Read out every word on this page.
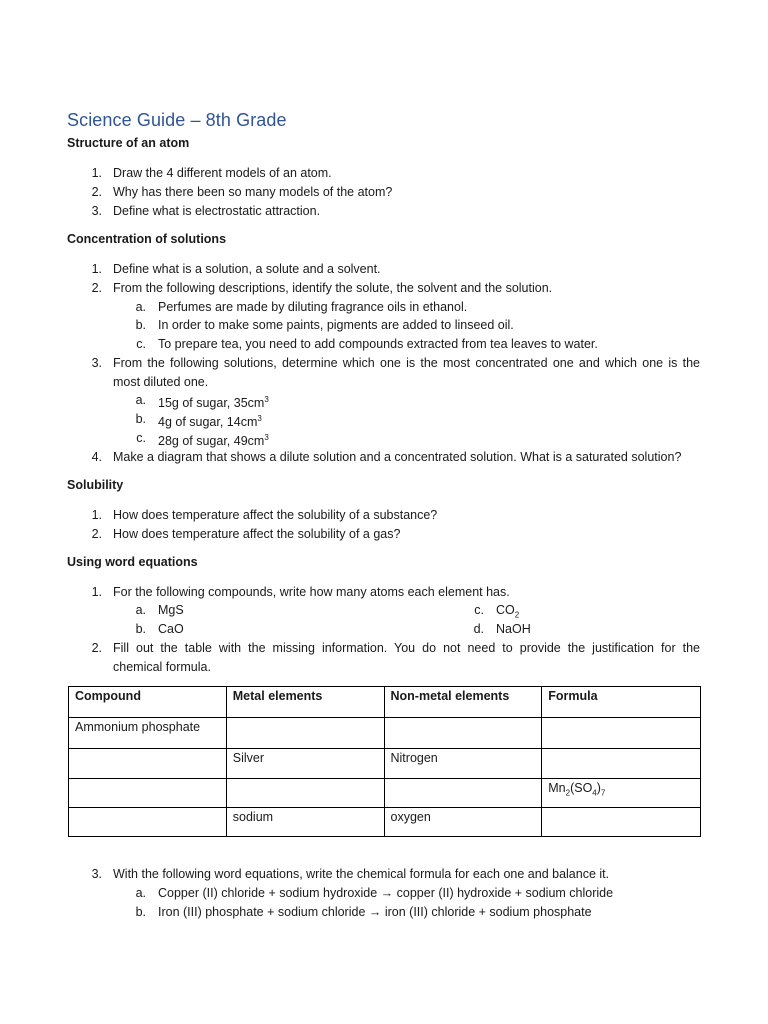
Science Guide – 8th Grade
Structure of an atom
1. Draw the 4 different models of an atom.
2. Why has there been so many models of the atom?
3. Define what is electrostatic attraction.
Concentration of solutions
1. Define what is a solution, a solute and a solvent.
2. From the following descriptions, identify the solute, the solvent and the solution.
a. Perfumes are made by diluting fragrance oils in ethanol.
b. In order to make some paints, pigments are added to linseed oil.
c. To prepare tea, you need to add compounds extracted from tea leaves to water.
3. From the following solutions, determine which one is the most concentrated one and which one is the
most diluted one.
a. 15g of sugar, $35cm^3$
b. 4g of sugar, $14cm^3$
c. 28g of sugar, $49cm^3$
4. Make a diagram that shows a dilute solution and a concentrated solution. What is a saturated solution?
Solubility
1. How does temperature affect the solubility of a substance?
2. How does temperature affect the solubility of a gas?
Using word equations
1. For the following compounds, write how many atoms each element has.
a. MgS	c. $CO_2$
b. CaO	d. NaOH
2. Fill out the table with the missing information. You do not need to provide the justification for the
chemical formula.
Compound	Metal elements	Non-metal elements	Formula
Ammonium phosphate			
	Silver	Nitrogen	
			$Mn_2(SO_4)_7$
	sodium	oxygen	
3. With the following word equations, write the chemical formula for each one and balance it.
a. Copper (II) chloride + sodium hydroxide → copper (II) hydroxide + sodium chloride
b. Iron (III) phosphate + sodium chloride → iron (III) chloride + sodium phosphate
